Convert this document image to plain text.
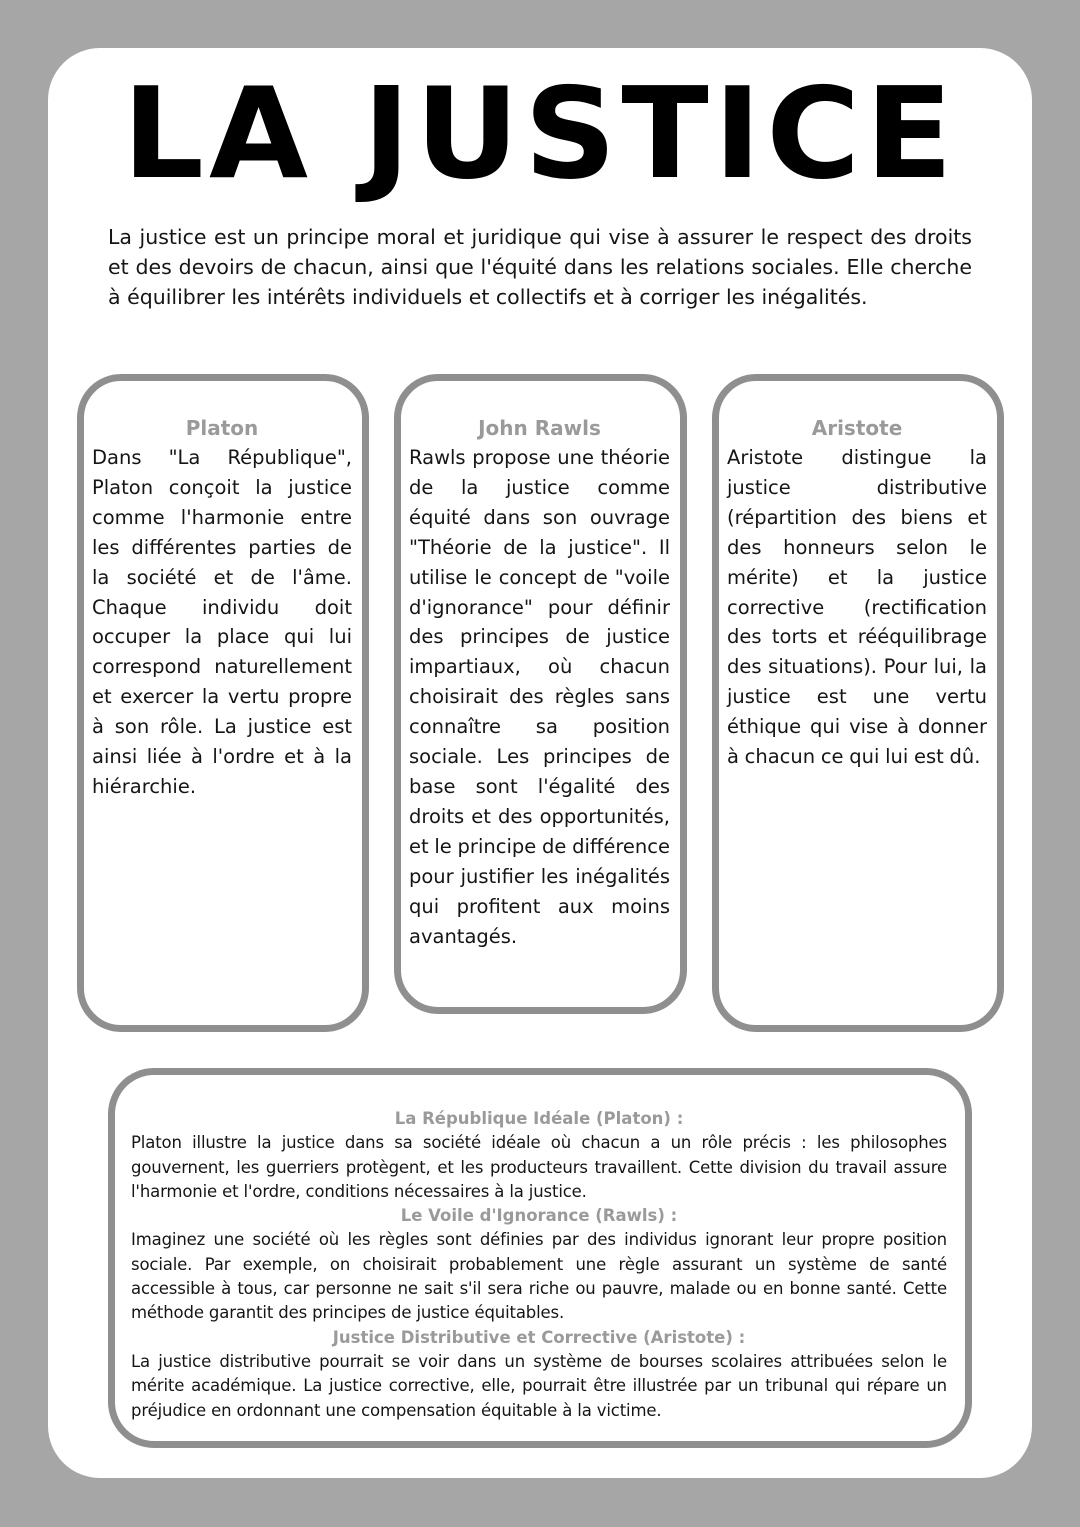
LA JUSTICE

La justice est un principe moral et juridique qui vise à assurer le respect des droits et des devoirs de chacun, ainsi que l'équité dans les relations sociales. Elle cherche à équilibrer les intérêts individuels et collectifs et à corriger les inégalités.

Platon

Dans "La République", Platon conçoit la justice comme l'harmonie entre les différentes parties de la société et de l'âme. Chaque individu doit occuper la place qui lui correspond naturellement et exercer la vertu propre à son rôle. La justice est ainsi liée à l'ordre et à la hiérarchie.

John Rawls

Rawls propose une théorie de la justice comme équité dans son ouvrage "Théorie de la justice". Il utilise le concept de "voile d'ignorance" pour définir des principes de justice impartiaux, où chacun choisirait des règles sans connaître sa position sociale. Les principes de base sont l'égalité des droits et des opportunités, et le principe de différence pour justifier les inégalités qui profitent aux moins avantagés.

Aristote

Aristote distingue la justice distributive (répartition des biens et des honneurs selon le mérite) et la justice corrective (rectification des torts et rééquilibrage des situations). Pour lui, la justice est une vertu éthique qui vise à donner à chacun ce qui lui est dû.

La République Idéale (Platon) :

Platon illustre la justice dans sa société idéale où chacun a un rôle précis : les philosophes gouvernent, les guerriers protègent, et les producteurs travaillent. Cette division du travail assure l'harmonie et l'ordre, conditions nécessaires à la justice.

Le Voile d'Ignorance (Rawls) :

Imaginez une société où les règles sont définies par des individus ignorant leur propre position sociale. Par exemple, on choisirait probablement une règle assurant un système de santé accessible à tous, car personne ne sait s'il sera riche ou pauvre, malade ou en bonne santé. Cette méthode garantit des principes de justice équitables.

Justice Distributive et Corrective (Aristote) :

La justice distributive pourrait se voir dans un système de bourses scolaires attribuées selon le mérite académique. La justice corrective, elle, pourrait être illustrée par un tribunal qui répare un préjudice en ordonnant une compensation équitable à la victime.
